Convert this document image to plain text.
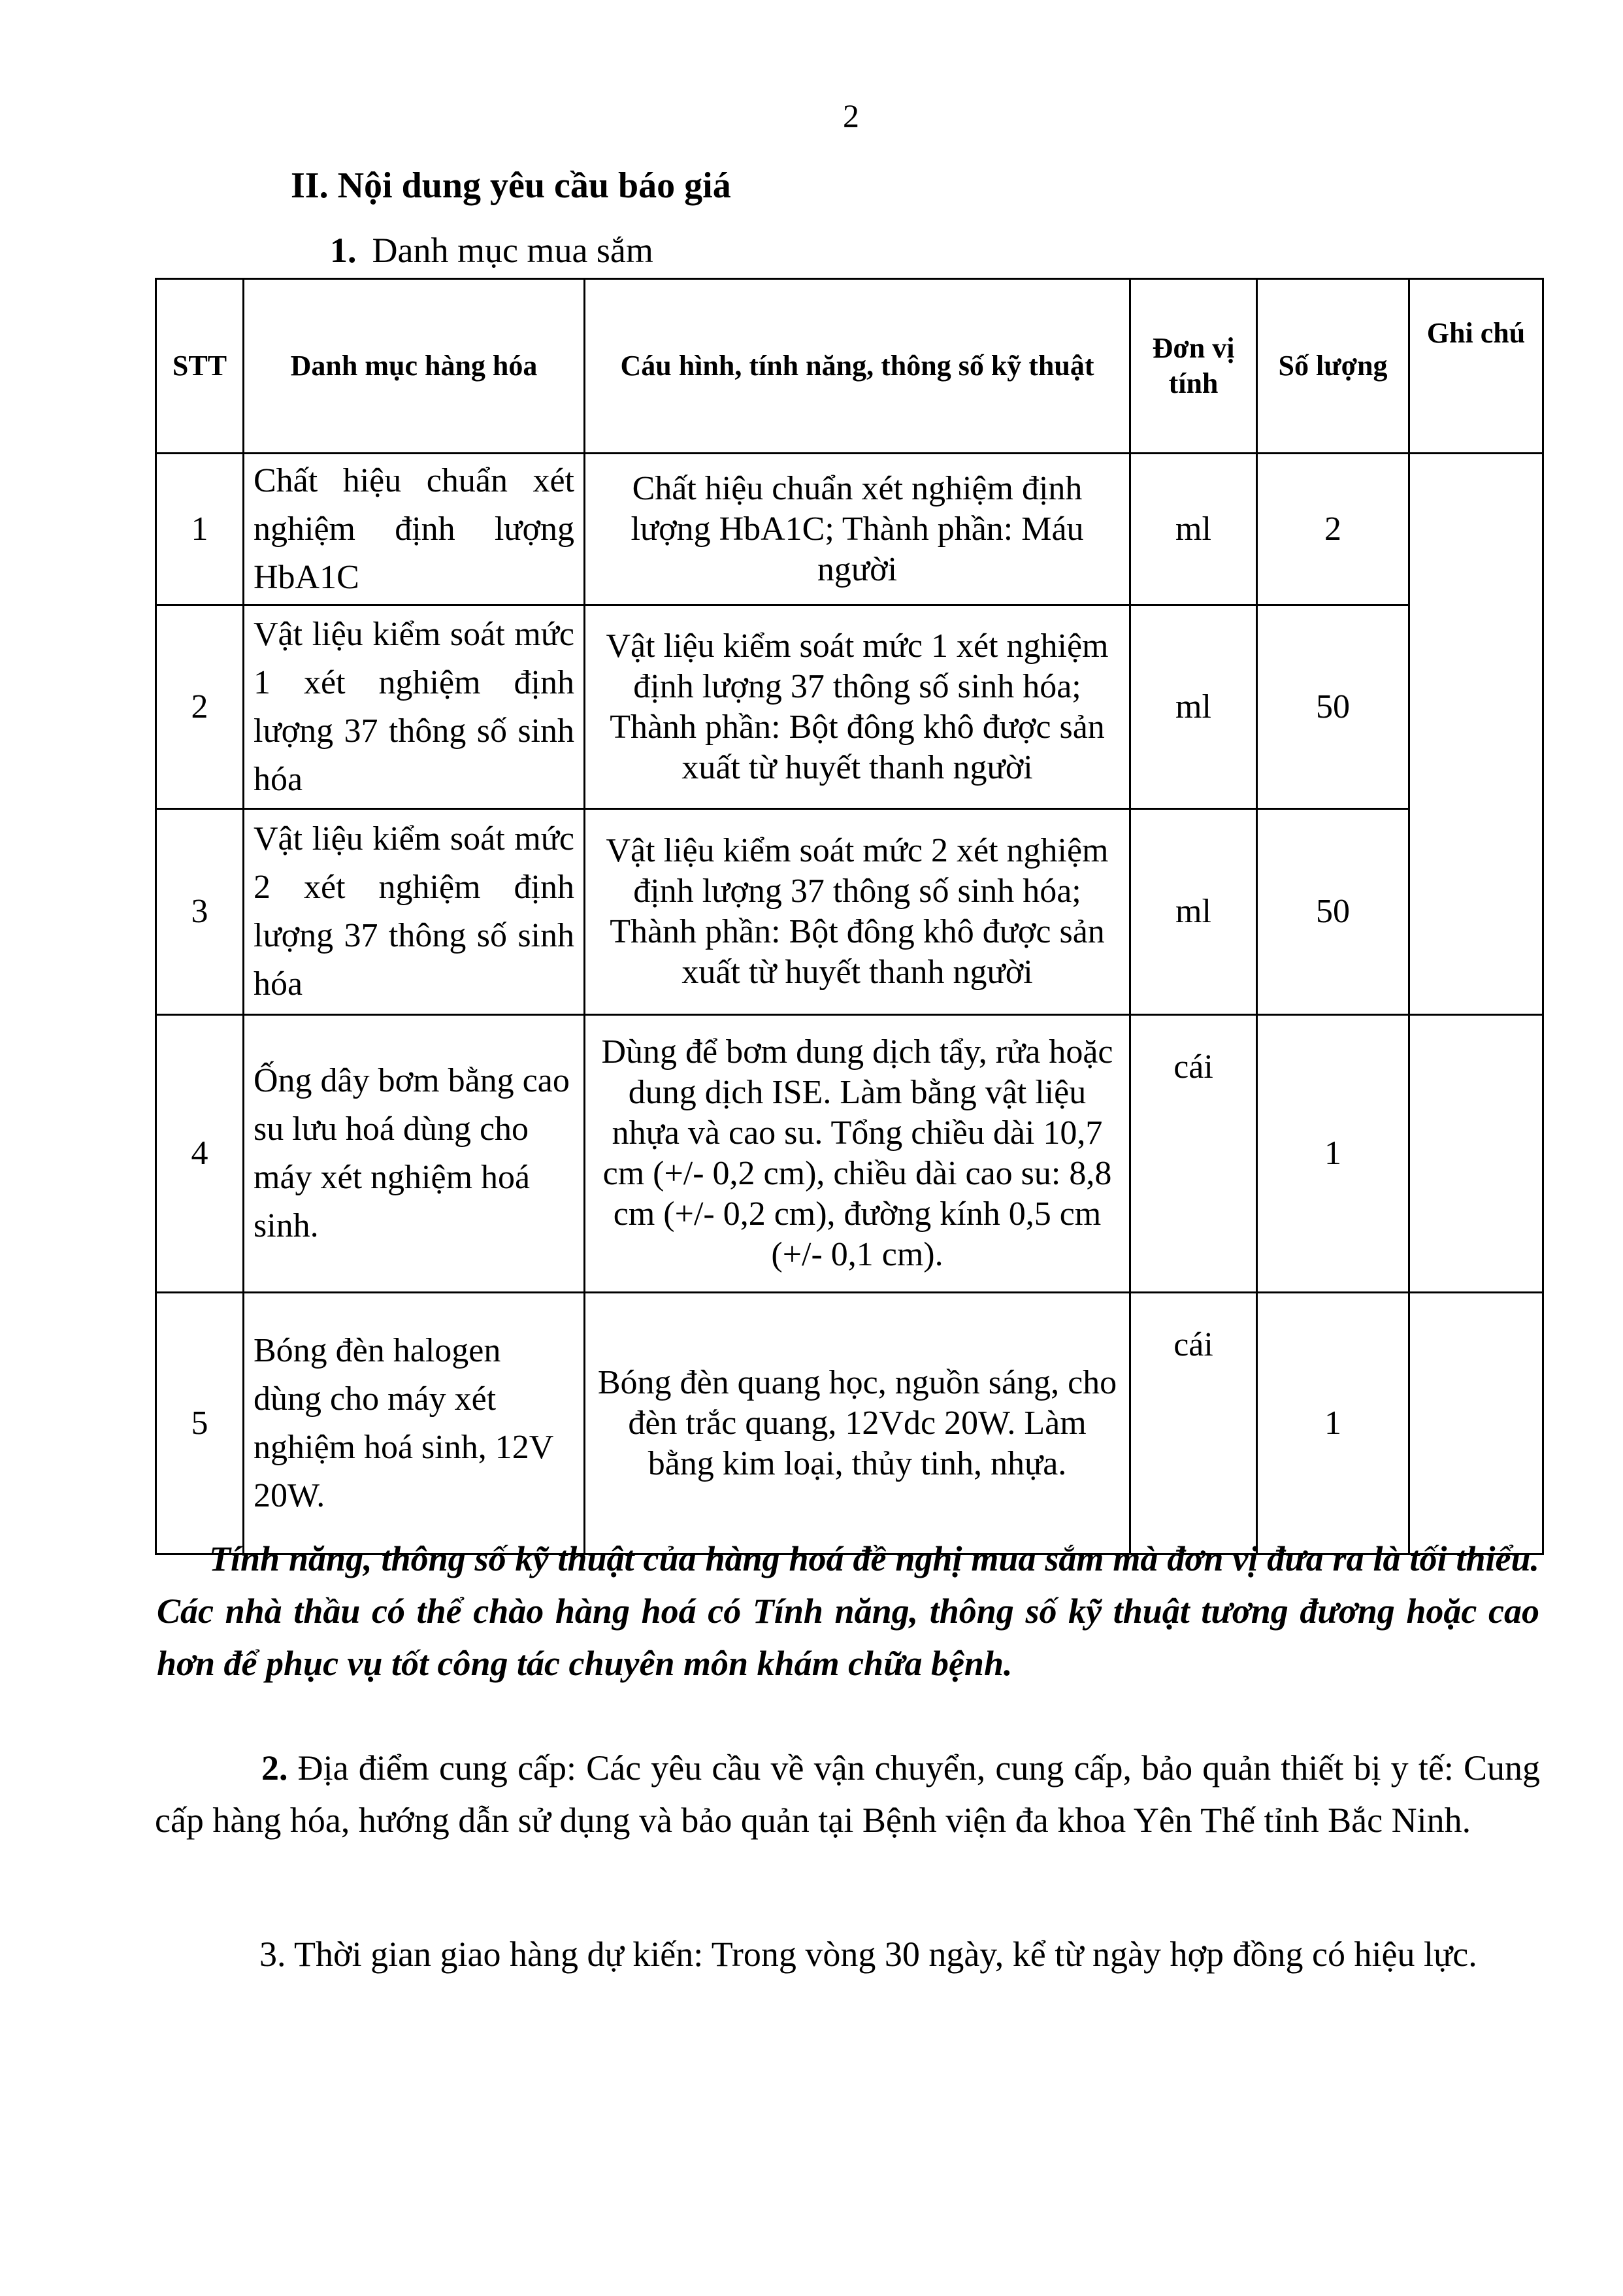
2
II. Nội dung yêu cầu báo giá
1. Danh mục mua sắm
STT	Danh mục hàng hóa	Cáu hình, tính năng, thông số kỹ thuật	Đơn vị tính	Số lượng	Ghi chú
1	Chất hiệu chuẩn xét nghiệm định lượng HbA1C	Chất hiệu chuẩn xét nghiệm định lượng HbA1C; Thành phần: Máu người	ml	2	
2	Vật liệu kiểm soát mức 1 xét nghiệm định lượng 37 thông số sinh hóa	Vật liệu kiểm soát mức 1 xét nghiệm định lượng 37 thông số sinh hóa; Thành phần: Bột đông khô được sản xuất từ huyết thanh người	ml	50	
3	Vật liệu kiểm soát mức 2 xét nghiệm định lượng 37 thông số sinh hóa	Vật liệu kiểm soát mức 2 xét nghiệm định lượng 37 thông số sinh hóa; Thành phần: Bột đông khô được sản xuất từ huyết thanh người	ml	50	
4	Ống dây bơm bằng cao su lưu hoá dùng cho máy xét nghiệm hoá sinh.	Dùng để bơm dung dịch tẩy, rửa hoặc dung dịch ISE. Làm bằng vật liệu nhựa và cao su. Tổng chiều dài 10,7 cm (+/- 0,2 cm), chiều dài cao su: 8,8 cm (+/- 0,2 cm), đường kính 0,5 cm (+/- 0,1 cm).	cái	1	
5	Bóng đèn halogen dùng cho máy xét nghiệm hoá sinh, 12V 20W.	Bóng đèn quang học, nguồn sáng, cho đèn trắc quang, 12Vdc 20W. Làm bằng kim loại, thủy tinh, nhựa.	cái	1	
Tính năng, thông số kỹ thuật của hàng hoá đề nghị mua sắm mà đơn vị đưa ra là tối thiểu. Các nhà thầu có thể chào hàng hoá có Tính năng, thông số kỹ thuật tương đương hoặc cao hơn để phục vụ tốt công tác chuyên môn khám chữa bệnh.
2. Địa điểm cung cấp: Các yêu cầu về vận chuyển, cung cấp, bảo quản thiết bị y tế: Cung cấp hàng hóa, hướng dẫn sử dụng và bảo quản tại Bệnh viện đa khoa Yên Thế tỉnh Bắc Ninh.
3. Thời gian giao hàng dự kiến: Trong vòng 30 ngày, kể từ ngày hợp đồng có hiệu lực.
